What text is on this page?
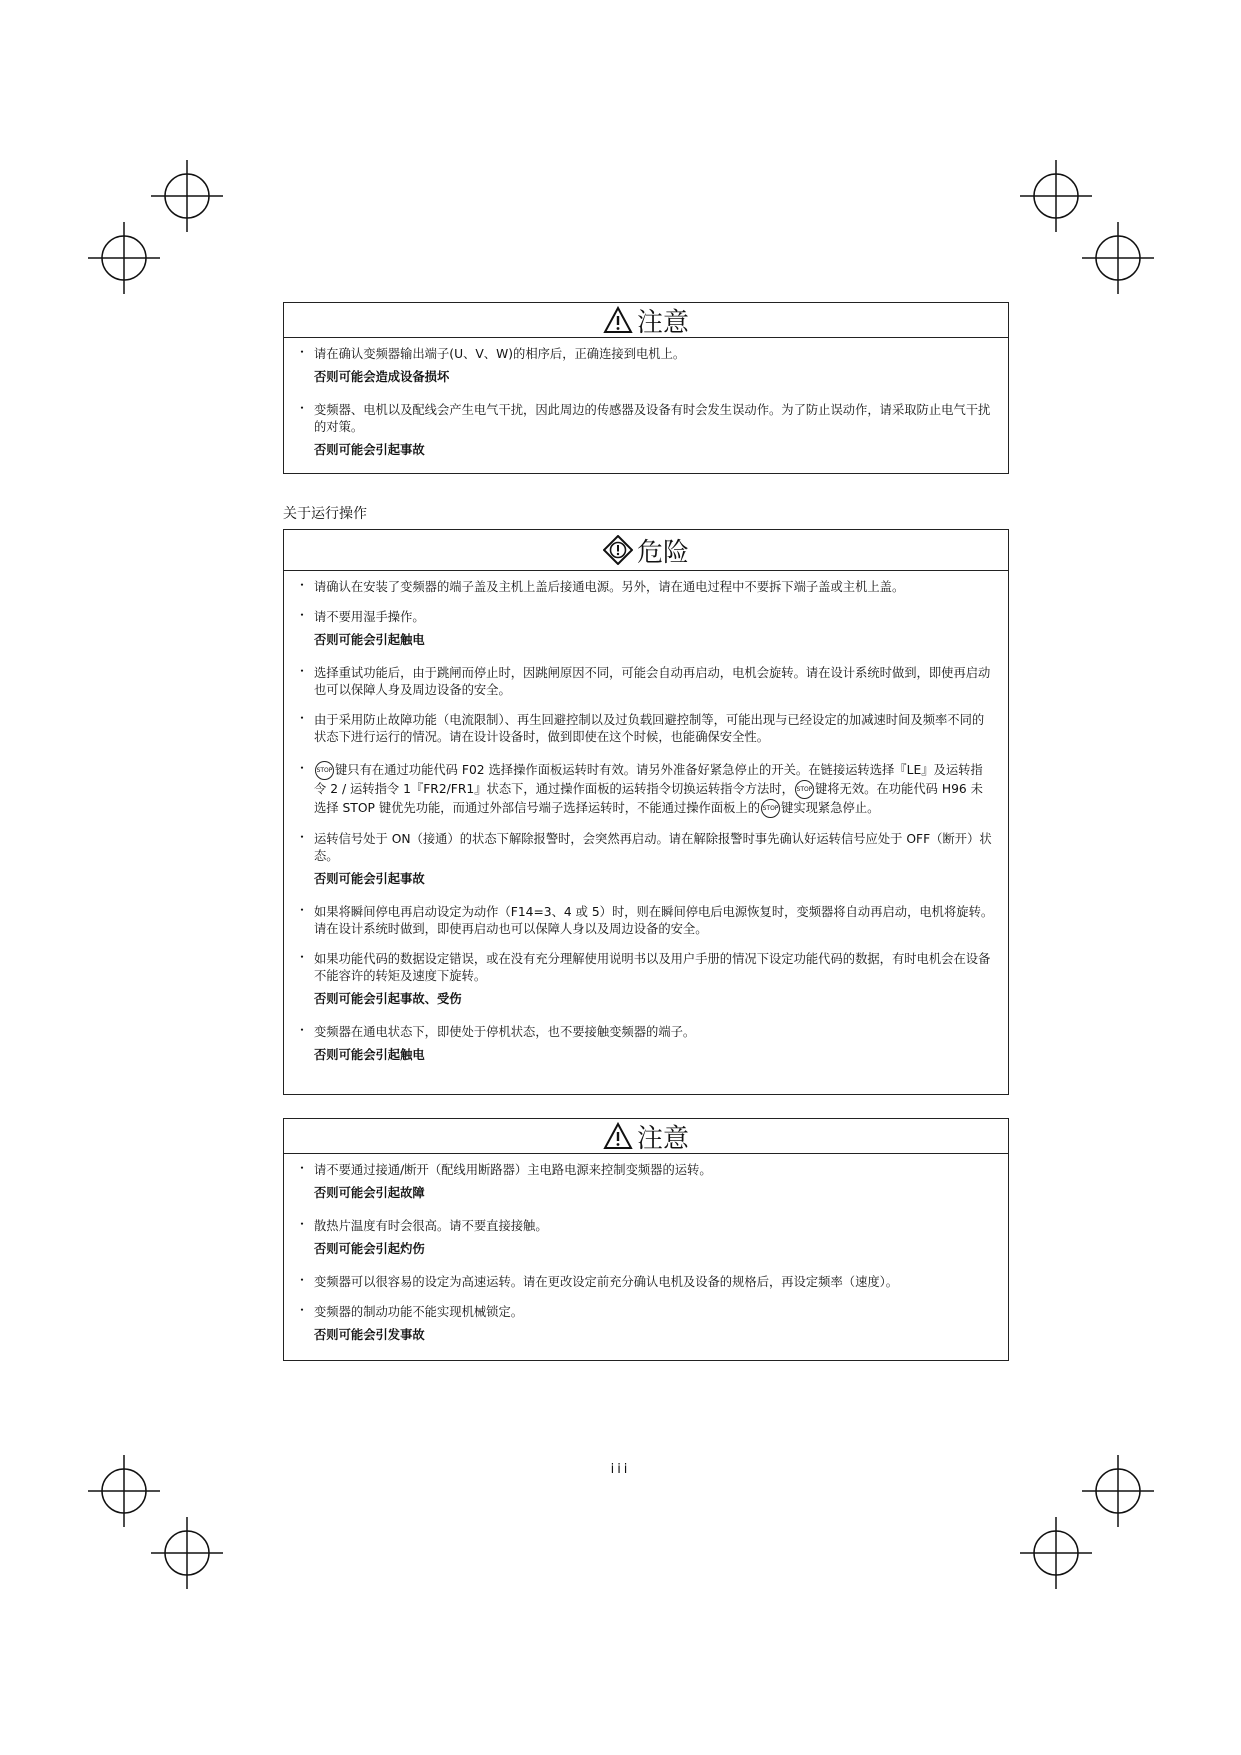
注意
・ 请在确认变频器输出端子(U、V、W)的相序后，正确连接到电机上。
否则可能会造成设备损坏
・ 变频器、电机以及配线会产生电气干扰，因此周边的传感器及设备有时会发生误动作。为了防止误动作，请采取防止电气干扰的对策。
否则可能会引起事故
关于运行操作
危险
・ 请确认在安装了变频器的端子盖及主机上盖后接通电源。另外，请在通电过程中不要拆下端子盖或主机上盖。
・ 请不要用湿手操作。
否则可能会引起触电
・ 选择重试功能后，由于跳闸而停止时，因跳闸原因不同，可能会自动再启动，电机会旋转。请在设计系统时做到，即使再启动也可以保障人身及周边设备的安全。
・ 由于采用防止故障功能（电流限制）、再生回避控制以及过负载回避控制等，可能出现与已经设定的加减速时间及频率不同的状态下进行运行的情况。请在设计设备时，做到即使在这个时候，也能确保安全性。
・	STOP 键只有在通过功能代码 F02 选择操作面板运转时有效。请另外准备好紧急停止的开关。在链接运转选择『LE』及运转指令 2 / 运转指令 1『FR2/FR1』状态下，通过操作面板的运转指令切换运转指令方法时， STOP 键将无效。在功能代码 H96 未选择 STOP 键优先功能，而通过外部信号端子选择运转时，不能通过操作面板上的 STOP 键实现紧急停止。
・ 运转信号处于 ON（接通）的状态下解除报警时，会突然再启动。请在解除报警时事先确认好运转信号应处于 OFF（断开）状态。
否则可能会引起事故
・ 如果将瞬间停电再启动设定为动作（F14=3、4 或 5）时，则在瞬间停电后电源恢复时，变频器将自动再启动，电机将旋转。请在设计系统时做到，即使再启动也可以保障人身以及周边设备的安全。
・ 如果功能代码的数据设定错误，或在没有充分理解使用说明书以及用户手册的情况下设定功能代码的数据，有时电机会在设备不能容许的转矩及速度下旋转。
否则可能会引起事故、受伤
・ 变频器在通电状态下，即使处于停机状态，也不要接触变频器的端子。
否则可能会引起触电
注意
・ 请不要通过接通/断开（配线用断路器）主电路电源来控制变频器的运转。
否则可能会引起故障
・ 散热片温度有时会很高。请不要直接接触。
否则可能会引起灼伤
・ 变频器可以很容易的设定为高速运转。请在更改设定前充分确认电机及设备的规格后，再设定频率（速度）。
・ 变频器的制动功能不能实现机械锁定。
否则可能会引发事故
iii
